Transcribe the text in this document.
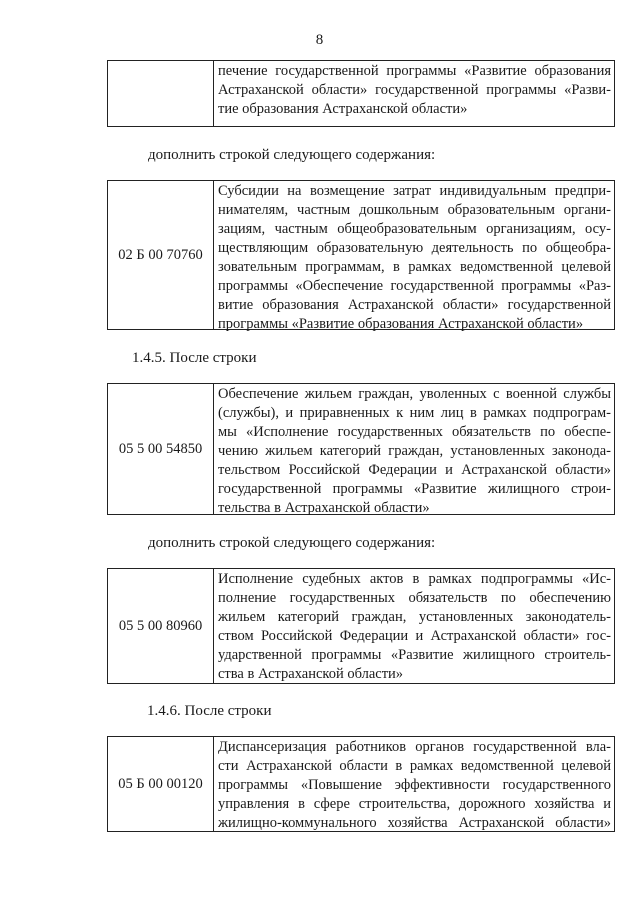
8
печение государственной программы «Развитие образования
Астраханской области» государственной программы «Разви-
тие образования Астраханской области»
дополнить строкой следующего содержания:
02 Б 00 70760
Субсидии на возмещение затрат индивидуальным предпри-
нимателям, частным дошкольным образовательным органи-
зациям, частным общеобразовательным организациям, осу-
ществляющим образовательную деятельность по общеобра-
зовательным программам, в рамках ведомственной целевой
программы «Обеспечение государственной программы «Раз-
витие образования Астраханской области» государственной
программы «Развитие образования Астраханской области»
1.4.5. После строки
05 5 00 54850
Обеспечение жильем граждан, уволенных с военной службы
(службы), и приравненных к ним лиц в рамках подпрограм-
мы «Исполнение государственных обязательств по обеспе-
чению жильем категорий граждан, установленных законода-
тельством Российской Федерации и Астраханской области»
государственной программы «Развитие жилищного строи-
тельства в Астраханской области»
дополнить строкой следующего содержания:
05 5 00 80960
Исполнение судебных актов в рамках подпрограммы «Ис-
полнение государственных обязательств по обеспечению
жильем категорий граждан, установленных законодатель-
ством Российской Федерации и Астраханской области» гос-
ударственной программы «Развитие жилищного строитель-
ства в Астраханской области»
1.4.6. После строки
05 Б 00 00120
Диспансеризация работников органов государственной вла-
сти Астраханской области в рамках ведомственной целевой
программы «Повышение эффективности государственного
управления в сфере строительства, дорожного хозяйства и
жилищно-коммунального хозяйства Астраханской области»
